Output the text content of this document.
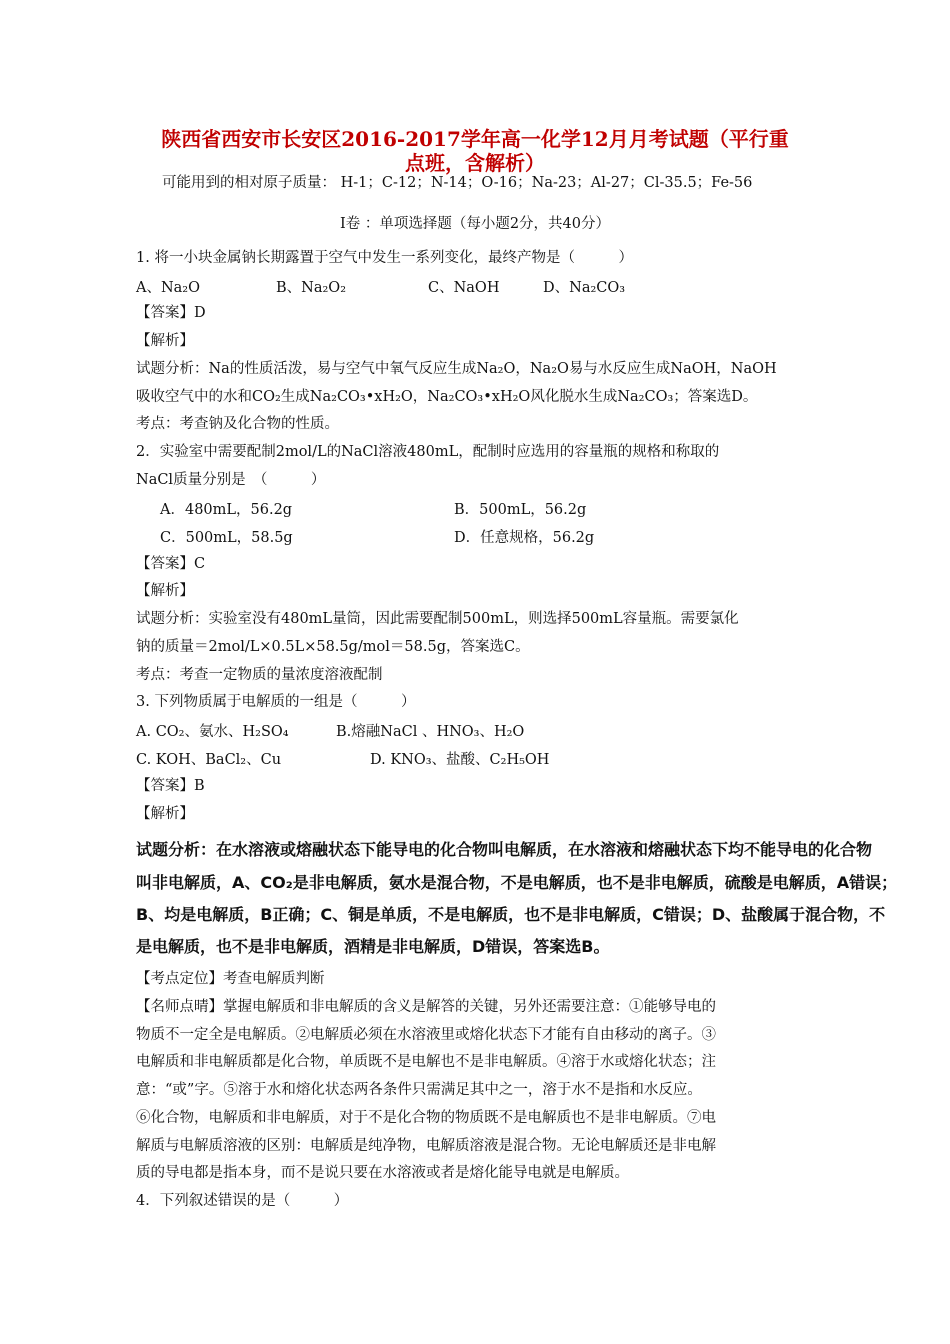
陕西省西安市长安区2016-2017学年高一化学12月月考试题（平行重
点班，含解析）
可能用到的相对原子质量： H-1；C-12；N-14；O-16；Na-23；Al-27；Cl-35.5；Fe-56
Ⅰ卷 ：单项选择题（每小题2分，共40分）
1. 将一小块金属钠长期露置于空气中发生一系列变化，最终产物是（　　　）
A、Na₂O	B、Na₂O₂	C、NaOH	D、Na₂CO₃
【答案】D
【解析】
试题分析：Na的性质活泼，易与空气中氧气反应生成Na₂O，Na₂O易与水反应生成NaOH，NaOH
吸收空气中的水和CO₂生成Na₂CO₃•xH₂O，Na₂CO₃•xH₂O风化脱水生成Na₂CO₃；答案选D。
考点：考查钠及化合物的性质。
2．实验室中需要配制2mol/L的NaCl溶液480mL，配制时应选用的容量瓶的规格和称取的
NaCl质量分别是　（　　　）
A．480mL，56.2g	B．500mL，56.2g
C．500mL，58.5g	D．任意规格，56.2g
【答案】C
【解析】
试题分析：实验室没有480mL量筒，因此需要配制500mL，则选择500mL容量瓶。需要氯化
钠的质量＝2mol/L×0.5L×58.5g/mol＝58.5g，答案选C。
考点：考查一定物质的量浓度溶液配制
3. 下列物质属于电解质的一组是（　　　）
A. CO₂、氨水、H₂SO₄	B.熔融NaCl 、HNO₃、H₂O
C. KOH、BaCl₂、Cu	D. KNO₃、盐酸、C₂H₅OH
【答案】B
【解析】
试题分析：在水溶液或熔融状态下能导电的化合物叫电解质，在水溶液和熔融状态下均不能导电的化合物
叫非电解质，A、CO₂是非电解质，氨水是混合物，不是电解质，也不是非电解质，硫酸是电解质，A错误；
B、均是电解质，B正确；C、铜是单质，不是电解质，也不是非电解质，C错误；D、盐酸属于混合物，不
是电解质，也不是非电解质，酒精是非电解质，D错误，答案选B。
【考点定位】考查电解质判断
【名师点晴】掌握电解质和非电解质的含义是解答的关键，另外还需要注意：①能够导电的
物质不一定全是电解质。②电解质必须在水溶液里或熔化状态下才能有自由移动的离子。③
电解质和非电解质都是化合物，单质既不是电解也不是非电解质。④溶于水或熔化状态；注
意：“或”字。⑤溶于水和熔化状态两各条件只需满足其中之一，溶于水不是指和水反应。
⑥化合物，电解质和非电解质，对于不是化合物的物质既不是电解质也不是非电解质。⑦电
解质与电解质溶液的区别：电解质是纯净物，电解质溶液是混合物。无论电解质还是非电解
质的导电都是指本身，而不是说只要在水溶液或者是熔化能导电就是电解质。
4．下列叙述错误的是（　　　）
